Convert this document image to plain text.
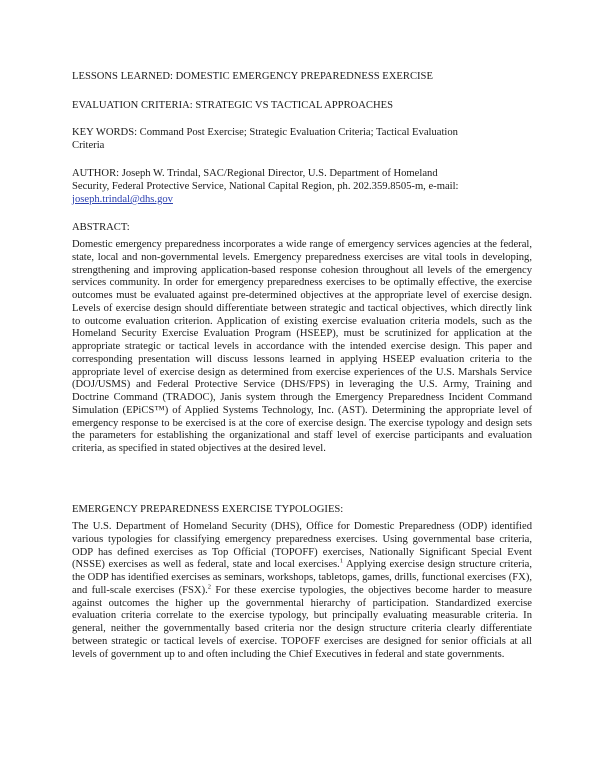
LESSONS LEARNED: DOMESTIC EMERGENCY PREPAREDNESS EXERCISE

EVALUATION CRITERIA: STRATEGIC VS TACTICAL APPROACHES

KEY WORDS: Command Post Exercise; Strategic Evaluation Criteria; Tactical Evaluation

Criteria

AUTHOR: Joseph W. Trindal, SAC/Regional Director, U.S. Department of Homeland

Security, Federal Protective Service, National Capital Region, ph. 202.359.8505-m, e-mail:

joseph.trindal@dhs.gov

ABSTRACT:

Domestic emergency preparedness incorporates a wide range of emergency services agencies at the federal, state, local and non-governmental levels. Emergency preparedness exercises are vital tools in developing, strengthening and improving application-based response cohesion throughout all levels of the emergency services community. In order for emergency preparedness exercises to be optimally effective, the exercise outcomes must be evaluated against pre-determined objectives at the appropriate level of exercise design. Levels of exercise design should differentiate between strategic and tactical objectives, which directly link to outcome evaluation criterion. Application of existing exercise evaluation criteria models, such as the Homeland Security Exercise Evaluation Program (HSEEP), must be scrutinized for application at the appropriate strategic or tactical levels in accordance with the intended exercise design. This paper and corresponding presentation will discuss lessons learned in applying HSEEP evaluation criteria to the appropriate level of exercise design as determined from exercise experiences of the U.S. Marshals Service (DOJ/USMS) and Federal Protective Service (DHS/FPS) in leveraging the U.S. Army, Training and Doctrine Command (TRADOC), Janis system through the Emergency Preparedness Incident Command Simulation (EPiCS™) of Applied Systems Technology, Inc. (AST). Determining the appropriate level of emergency response to be exercised is at the core of exercise design. The exercise typology and design sets the parameters for establishing the organizational and staff level of exercise participants and evaluation criteria, as specified in stated objectives at the desired level.

EMERGENCY PREPAREDNESS EXERCISE TYPOLOGIES:

The U.S. Department of Homeland Security (DHS), Office for Domestic Preparedness (ODP) identified various typologies for classifying emergency preparedness exercises. Using governmental base criteria, ODP has defined exercises as Top Official (TOPOFF) exercises, Nationally Significant Special Event (NSSE) exercises as well as federal, state and local exercises.$^1$ Applying exercise design structure criteria, the ODP has identified exercises as seminars, workshops, tabletops, games, drills, functional exercises (FX), and full-scale exercises (FSX).$^2$ For these exercise typologies, the objectives become harder to measure against outcomes the higher up the governmental hierarchy of participation. Standardized exercise evaluation criteria correlate to the exercise typology, but principally evaluating measurable criteria. In general, neither the governmentally based criteria nor the design structure criteria clearly differentiate between strategic or tactical levels of exercise. TOPOFF exercises are designed for senior officials at all levels of government up to and often including the Chief Executives in federal and state governments.
